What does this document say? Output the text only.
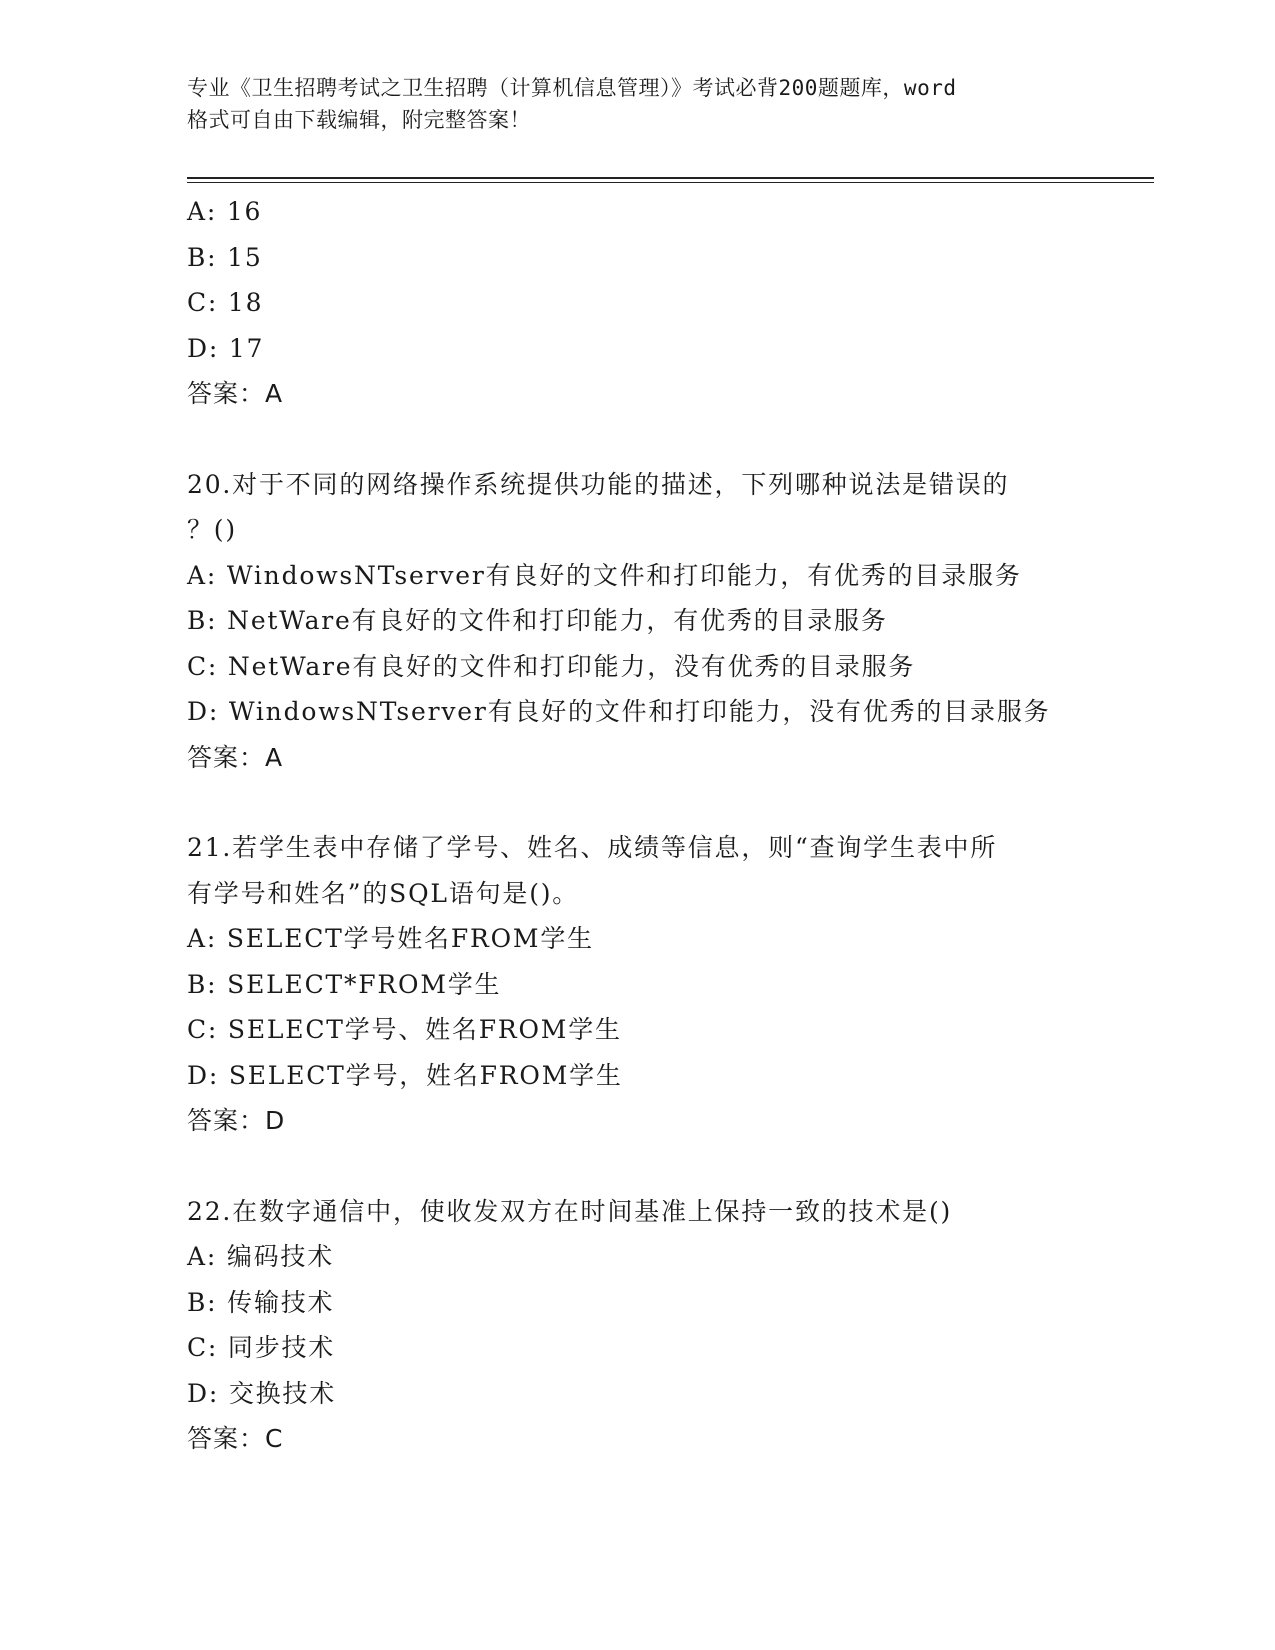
专业《卫生招聘考试之卫生招聘（计算机信息管理）》考试必背200题题库，word
格式可自由下载编辑，附完整答案！
A: 16
B: 15
C: 18
D: 17
答案：A
20.对于不同的网络操作系统提供功能的描述，下列哪种说法是错误的
？()
A: WindowsNTserver有良好的文件和打印能力，有优秀的目录服务
B: NetWare有良好的文件和打印能力，有优秀的目录服务
C: NetWare有良好的文件和打印能力，没有优秀的目录服务
D: WindowsNTserver有良好的文件和打印能力，没有优秀的目录服务
答案：A
21.若学生表中存储了学号、姓名、成绩等信息，则“查询学生表中所
有学号和姓名”的SQL语句是()。
A: SELECT学号姓名FROM学生
B: SELECT*FROM学生
C: SELECT学号、姓名FROM学生
D: SELECT学号，姓名FROM学生
答案：D
22.在数字通信中，使收发双方在时间基准上保持一致的技术是()
A: 编码技术
B: 传输技术
C: 同步技术
D: 交换技术
答案：C
